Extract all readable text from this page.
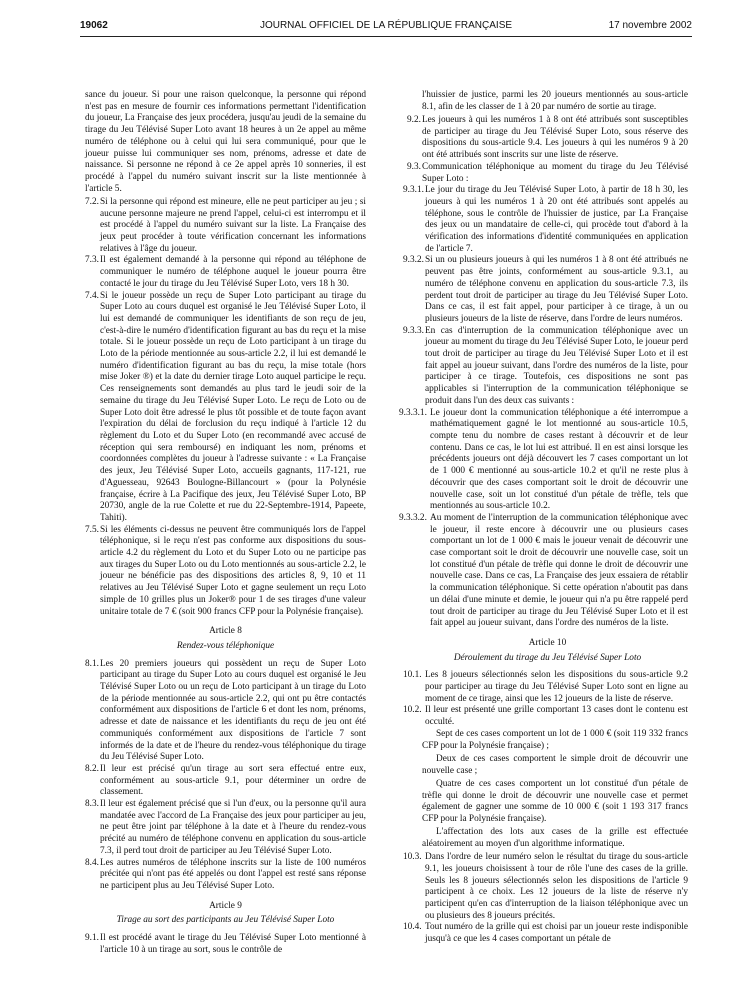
19062	JOURNAL OFFICIEL DE LA RÉPUBLIQUE FRANÇAISE	17 novembre 2002

sance du joueur. Si pour une raison quelconque, la personne qui répond n'est pas en mesure de fournir ces informations permettant l'identification du joueur, La Française des jeux procédera, jusqu'au jeudi de la semaine du tirage du Jeu Télévisé Super Loto avant 18 heures à un 2e appel au même numéro de téléphone ou à celui qui lui sera communiqué, pour que le joueur puisse lui communiquer ses nom, prénoms, adresse et date de naissance. Si personne ne répond à ce 2e appel après 10 sonneries, il est procédé à l'appel du numéro suivant inscrit sur la liste mentionnée à l'article 5.

7.2. Si la personne qui répond est mineure, elle ne peut participer au jeu ; si aucune personne majeure ne prend l'appel, celui-ci est interrompu et il est procédé à l'appel du numéro suivant sur la liste. La Française des jeux peut procéder à toute vérification concernant les informations relatives à l'âge du joueur.
7.3. Il est également demandé à la personne qui répond au téléphone de communiquer le numéro de téléphone auquel le joueur pourra être contacté le jour du tirage du Jeu Télévisé Super Loto, vers 18 h 30.
7.4. Si le joueur possède un reçu de Super Loto participant au tirage du Super Loto au cours duquel est organisé le Jeu Télévisé Super Loto, il lui est demandé de communiquer les identifiants de son reçu de jeu, c'est-à-dire le numéro d'identification figurant au bas du reçu et la mise totale. Si le joueur possède un reçu de Loto participant à un tirage du Loto de la période mentionnée au sous-article 2.2, il lui est demandé le numéro d'identification figurant au bas du reçu, la mise totale (hors mise Joker ®) et la date du dernier tirage Loto auquel participe le reçu. Ces renseignements sont demandés au plus tard le jeudi soir de la semaine du tirage du Jeu Télévisé Super Loto. Le reçu de Loto ou de Super Loto doit être adressé le plus tôt possible et de toute façon avant l'expiration du délai de forclusion du reçu indiqué à l'article 12 du règlement du Loto et du Super Loto (en recommandé avec accusé de réception qui sera remboursé) en indiquant les nom, prénoms et coordonnées complètes du joueur à l'adresse suivante : « La Française des jeux, Jeu Télévisé Super Loto, accueils gagnants, 117-121, rue d'Aguesseau, 92643 Boulogne-Billancourt » (pour la Polynésie française, écrire à La Pacifique des jeux, Jeu Télévisé Super Loto, BP 20730, angle de la rue Colette et rue du 22-Septembre-1914, Papeete, Tahiti).
7.5. Si les éléments ci-dessus ne peuvent être communiqués lors de l'appel téléphonique, si le reçu n'est pas conforme aux dispositions du sous-article 4.2 du règlement du Loto et du Super Loto ou ne participe pas aux tirages du Super Loto ou du Loto mentionnés au sous-article 2.2, le joueur ne bénéficie pas des dispositions des articles 8, 9, 10 et 11 relatives au Jeu Télévisé Super Loto et gagne seulement un reçu Loto simple de 10 grilles plus un Joker® pour 1 de ses tirages d'une valeur unitaire totale de 7 € (soit 900 francs CFP pour la Polynésie française).
Article 8
Rendez-vous téléphonique
8.1. Les 20 premiers joueurs qui possèdent un reçu de Super Loto participant au tirage du Super Loto au cours duquel est organisé le Jeu Télévisé Super Loto ou un reçu de Loto participant à un tirage du Loto de la période mentionnée au sous-article 2.2, qui ont pu être contactés conformément aux dispositions de l'article 6 et dont les nom, prénoms, adresse et date de naissance et les identifiants du reçu de jeu ont été communiqués conformément aux dispositions de l'article 7 sont informés de la date et de l'heure du rendez-vous téléphonique du tirage du Jeu Télévisé Super Loto.
8.2. Il leur est précisé qu'un tirage au sort sera effectué entre eux, conformément au sous-article 9.1, pour déterminer un ordre de classement.
8.3. Il leur est également précisé que si l'un d'eux, ou la personne qu'il aura mandatée avec l'accord de La Française des jeux pour participer au jeu, ne peut être joint par téléphone à la date et à l'heure du rendez-vous précité au numéro de téléphone convenu en application du sous-article 7.3, il perd tout droit de participer au Jeu Télévisé Super Loto.
8.4. Les autres numéros de téléphone inscrits sur la liste de 100 numéros précitée qui n'ont pas été appelés ou dont l'appel est resté sans réponse ne participent plus au Jeu Télévisé Super Loto.
Article 9
Tirage au sort des participants au Jeu Télévisé Super Loto
9.1. Il est procédé avant le tirage du Jeu Télévisé Super Loto mentionné à l'article 10 à un tirage au sort, sous le contrôle de

l'huissier de justice, parmi les 20 joueurs mentionnés au sous-article 8.1, afin de les classer de 1 à 20 par numéro de sortie au tirage.

9.2. Les joueurs à qui les numéros 1 à 8 ont été attribués sont susceptibles de participer au tirage du Jeu Télévisé Super Loto, sous réserve des dispositions du sous-article 9.4. Les joueurs à qui les numéros 9 à 20 ont été attribués sont inscrits sur une liste de réserve.
9.3. Communication téléphonique au moment du tirage du Jeu Télévisé Super Loto :
9.3.1. Le jour du tirage du Jeu Télévisé Super Loto, à partir de 18 h 30, les joueurs à qui les numéros 1 à 20 ont été attribués sont appelés au téléphone, sous le contrôle de l'huissier de justice, par La Française des jeux ou un mandataire de celle-ci, qui procède tout d'abord à la vérification des informations d'identité communiquées en application de l'article 7.
9.3.2. Si un ou plusieurs joueurs à qui les numéros 1 à 8 ont été attribués ne peuvent pas être joints, conformément au sous-article 9.3.1, au numéro de téléphone convenu en application du sous-article 7.3, ils perdent tout droit de participer au tirage du Jeu Télévisé Super Loto. Dans ce cas, il est fait appel, pour participer à ce tirage, à un ou plusieurs joueurs de la liste de réserve, dans l'ordre de leurs numéros.
9.3.3. En cas d'interruption de la communication téléphonique avec un joueur au moment du tirage du Jeu Télévisé Super Loto, le joueur perd tout droit de participer au tirage du Jeu Télévisé Super Loto et il est fait appel au joueur suivant, dans l'ordre des numéros de la liste, pour participer à ce tirage. Toutefois, ces dispositions ne sont pas applicables si l'interruption de la communication téléphonique se produit dans l'un des deux cas suivants :
9.3.3.1. Le joueur dont la communication téléphonique a été interrompue a mathématiquement gagné le lot mentionné au sous-article 10.5, compte tenu du nombre de cases restant à découvrir et de leur contenu. Dans ce cas, le lot lui est attribué. Il en est ainsi lorsque les précédents joueurs ont déjà découvert les 7 cases comportant un lot de 1 000 € mentionné au sous-article 10.2 et qu'il ne reste plus à découvrir que des cases comportant soit le droit de découvrir une nouvelle case, soit un lot constitué d'un pétale de trèfle, tels que mentionnés au sous-article 10.2.
9.3.3.2. Au moment de l'interruption de la communication téléphonique avec le joueur, il reste encore à découvrir une ou plusieurs cases comportant un lot de 1 000 € mais le joueur venait de découvrir une case comportant soit le droit de découvrir une nouvelle case, soit un lot constitué d'un pétale de trèfle qui donne le droit de découvrir une nouvelle case. Dans ce cas, La Française des jeux essaiera de rétablir la communication téléphonique. Si cette opération n'aboutit pas dans un délai d'une minute et demie, le joueur qui n'a pu être rappelé perd tout droit de participer au tirage du Jeu Télévisé Super Loto et il est fait appel au joueur suivant, dans l'ordre des numéros de la liste.
Article 10
Déroulement du tirage du Jeu Télévisé Super Loto
10.1. Les 8 joueurs sélectionnés selon les dispositions du sous-article 9.2 pour participer au tirage du Jeu Télévisé Super Loto sont en ligne au moment de ce tirage, ainsi que les 12 joueurs de la liste de réserve.
10.2. Il leur est présenté une grille comportant 13 cases dont le contenu est occulté.

Sept de ces cases comportent un lot de 1 000 € (soit 119 332 francs CFP pour la Polynésie française) ;

Deux de ces cases comportent le simple droit de découvrir une nouvelle case ;

Quatre de ces cases comportent un lot constitué d'un pétale de trèfle qui donne le droit de découvrir une nouvelle case et permet également de gagner une somme de 10 000 € (soit 1 193 317 francs CFP pour la Polynésie française).

L'affectation des lots aux cases de la grille est effectuée aléatoirement au moyen d'un algorithme informatique.

10.3. Dans l'ordre de leur numéro selon le résultat du tirage du sous-article 9.1, les joueurs choisissent à tour de rôle l'une des cases de la grille. Seuls les 8 joueurs sélectionnés selon les dispositions de l'article 9 participent à ce choix. Les 12 joueurs de la liste de réserve n'y participent qu'en cas d'interruption de la liaison téléphonique avec un ou plusieurs des 8 joueurs précités.
10.4. Tout numéro de la grille qui est choisi par un joueur reste indisponible jusqu'à ce que les 4 cases comportant un pétale de
